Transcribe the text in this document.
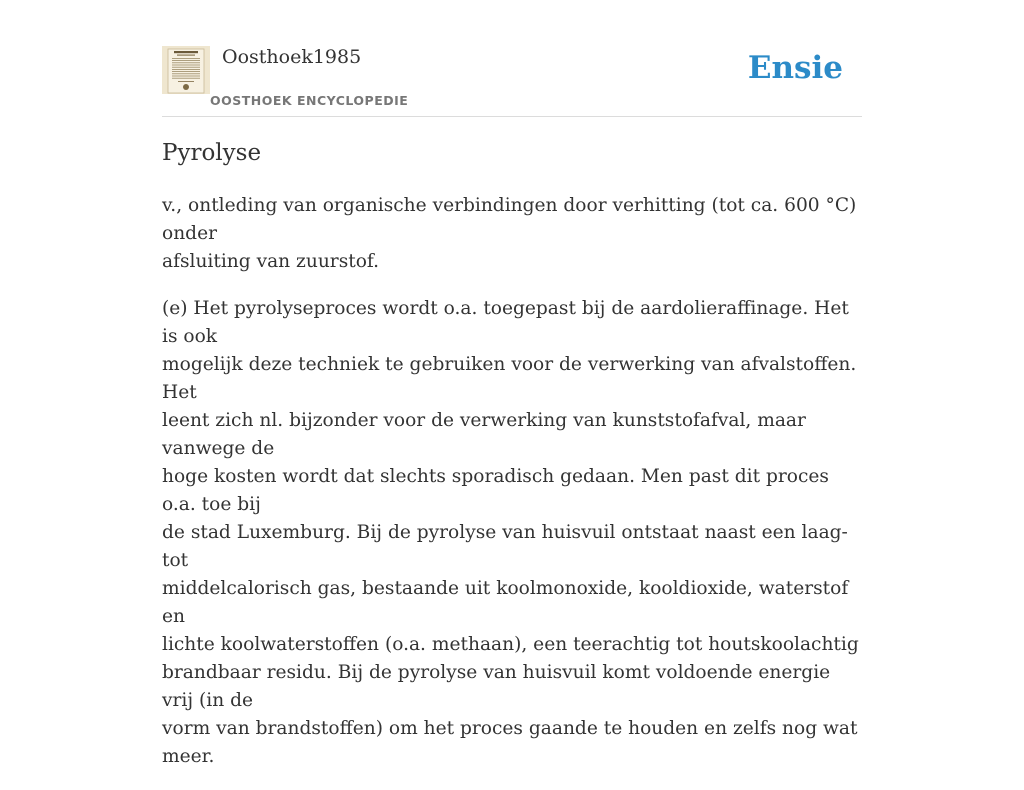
Oosthoek1985
OOSTHOEK ENCYCLOPEDIE
Ensie
Pyrolyse

v., ontleding van organische verbindingen door verhitting (tot ca. 600 °C) onder
afsluiting van zuurstof.

(e) Het pyrolyseproces wordt o.a. toegepast bij de aardolieraffinage. Het is ook
mogelijk deze techniek te gebruiken voor de verwerking van afvalstoffen. Het
leent zich nl. bijzonder voor de verwerking van kunststofafval, maar vanwege de
hoge kosten wordt dat slechts sporadisch gedaan. Men past dit proces o.a. toe bij
de stad Luxemburg. Bij de pyrolyse van huisvuil ontstaat naast een laag- tot
middelcalorisch gas, bestaande uit koolmonoxide, kooldioxide, waterstof en
lichte koolwaterstoffen (o.a. methaan), een teerachtig tot houtskoolachtig
brandbaar residu. Bij de pyrolyse van huisvuil komt voldoende energie vrij (in de
vorm van brandstoffen) om het proces gaande te houden en zelfs nog wat meer.
